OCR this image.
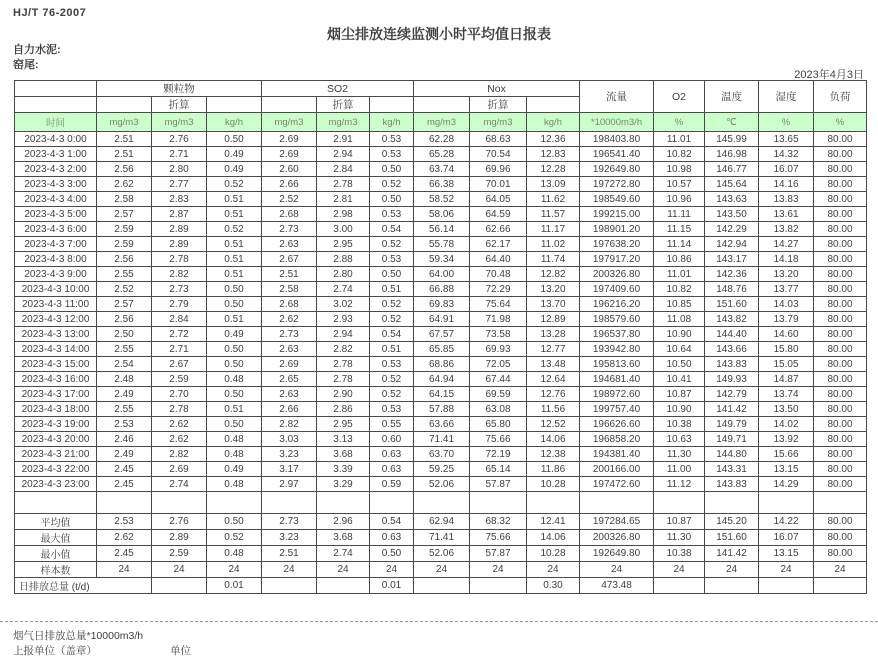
HJ/T 76-2007
烟尘排放连续监测小时平均值日报表
自力水泥:
窑尾:
2023年4月3日
	颗粒物			SO2			Nox			流量	O2	温度	湿度	负荷
		折算			折算			折算						
时间	mg/m3	mg/m3	kg/h	mg/m3	mg/m3	kg/h	mg/m3	mg/m3	kg/h	*10000m3/h	%	℃	%	%
2023-4-3 0:00	2.51	2.76	0.50	2.69	2.91	0.53	62.28	68.63	12.36	198403.80	11.01	145.99	13.65	80.00
2023-4-3 1:00	2.51	2.71	0.49	2.69	2.94	0.53	65.28	70.54	12.83	196541.40	10.82	146.98	14.32	80.00
2023-4-3 2:00	2.56	2.80	0.49	2.60	2.84	0.50	63.74	69.96	12.28	192649.80	10.98	146.77	16.07	80.00
2023-4-3 3:00	2.62	2.77	0.52	2.66	2.78	0.52	66.38	70.01	13.09	197272.80	10.57	145.64	14.16	80.00
2023-4-3 4:00	2.58	2.83	0.51	2.52	2.81	0.50	58.52	64.05	11.62	198549.60	10.96	143.63	13.83	80.00
2023-4-3 5:00	2.57	2.87	0.51	2.68	2.98	0.53	58.06	64.59	11.57	199215.00	11.11	143.50	13.61	80.00
2023-4-3 6:00	2.59	2.89	0.52	2.73	3.00	0.54	56.14	62.66	11.17	198901.20	11.15	142.29	13.82	80.00
2023-4-3 7:00	2.59	2.89	0.51	2.63	2.95	0.52	55.78	62.17	11.02	197638.20	11.14	142.94	14.27	80.00
2023-4-3 8:00	2.56	2.78	0.51	2.67	2.88	0.53	59.34	64.40	11.74	197917.20	10.86	143.17	14.18	80.00
2023-4-3 9:00	2.55	2.82	0.51	2.51	2.80	0.50	64.00	70.48	12.82	200326.80	11.01	142.36	13.20	80.00
2023-4-3 10:00	2.52	2.73	0.50	2.58	2.74	0.51	66.88	72.29	13.20	197409.60	10.82	148.76	13.77	80.00
2023-4-3 11:00	2.57	2.79	0.50	2.68	3.02	0.52	69.83	75.64	13.70	196216.20	10.85	151.60	14.03	80.00
2023-4-3 12:00	2.56	2.84	0.51	2.62	2.93	0.52	64.91	71.98	12.89	198579.60	11.08	143.82	13.79	80.00
2023-4-3 13:00	2.50	2.72	0.49	2.73	2.94	0.54	67.57	73.58	13.28	196537.80	10.90	144.40	14.60	80.00
2023-4-3 14:00	2.55	2.71	0.50	2.63	2.82	0.51	65.85	69.93	12.77	193942.80	10.64	143.66	15.80	80.00
2023-4-3 15:00	2.54	2.67	0.50	2.69	2.78	0.53	68.86	72.05	13.48	195813.60	10.50	143.83	15.05	80.00
2023-4-3 16:00	2.48	2.59	0.48	2.65	2.78	0.52	64.94	67.44	12.64	194681.40	10.41	149.93	14.87	80.00
2023-4-3 17:00	2.49	2.70	0.50	2.63	2.90	0.52	64.15	69.59	12.76	198972.60	10.87	142.79	13.74	80.00
2023-4-3 18:00	2.55	2.78	0.51	2.66	2.86	0.53	57.88	63.08	11.56	199757.40	10.90	141.42	13.50	80.00
2023-4-3 19:00	2.53	2.62	0.50	2.82	2.95	0.55	63.66	65.80	12.52	196626.60	10.38	149.79	14.02	80.00
2023-4-3 20:00	2.46	2.62	0.48	3.03	3.13	0.60	71.41	75.66	14.06	196858.20	10.63	149.71	13.92	80.00
2023-4-3 21:00	2.49	2.82	0.48	3.23	3.68	0.63	63.70	72.19	12.38	194381.40	11.30	144.80	15.66	80.00
2023-4-3 22:00	2.45	2.69	0.49	3.17	3.39	0.63	59.25	65.14	11.86	200166.00	11.00	143.31	13.15	80.00
2023-4-3 23:00	2.45	2.74	0.48	2.97	3.29	0.59	52.06	57.87	10.28	197472.60	11.12	143.83	14.29	80.00

平均值	2.53	2.76	0.50	2.73	2.96	0.54	62.94	68.32	12.41	197284.65	10.87	145.20	14.22	80.00
最大值	2.62	2.89	0.52	3.23	3.68	0.63	71.41	75.66	14.06	200326.80	11.30	151.60	16.07	80.00
最小值	2.45	2.59	0.48	2.51	2.74	0.50	52.06	57.87	10.28	192649.80	10.38	141.42	13.15	80.00
样本数	24	24	24	24	24	24	24	24	24	24	24	24	24	24
日排放总量 (t/d)			0.01			0.01			0.30	473.48				
烟气日排放总量*10000m3/h
上报单位（盖章）	单位
